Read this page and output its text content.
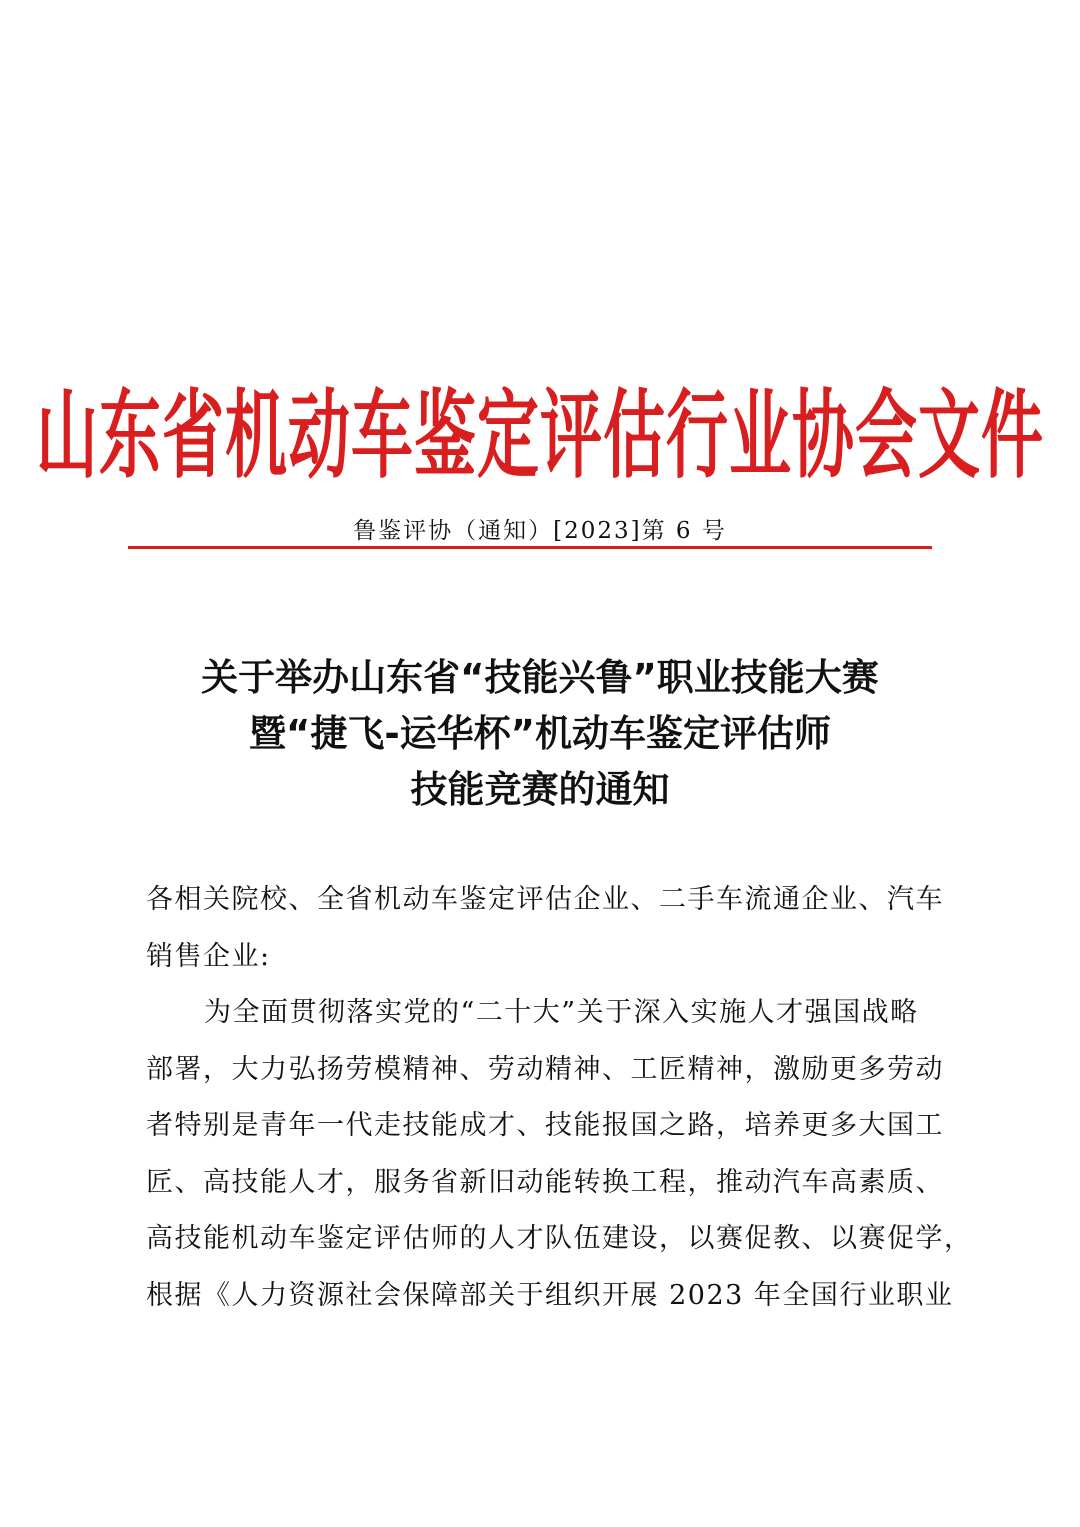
山东省机动车鉴定评估行业协会文件
鲁鉴评协（通知）[2023]第 6 号
关于举办山东省“技能兴鲁”职业技能大赛
暨“捷飞-运华杯”机动车鉴定评估师
技能竞赛的通知
各相关院校、全省机动车鉴定评估企业、二手车流通企业、汽车
销售企业:
为全面贯彻落实党的“二十大”关于深入实施人才强国战略
部署，大力弘扬劳模精神、劳动精神、工匠精神，激励更多劳动
者特别是青年一代走技能成才、技能报国之路，培养更多大国工
匠、高技能人才，服务省新旧动能转换工程，推动汽车高素质、
高技能机动车鉴定评估师的人才队伍建设，以赛促教、以赛促学，
根据《人力资源社会保障部关于组织开展 2023 年全国行业职业
